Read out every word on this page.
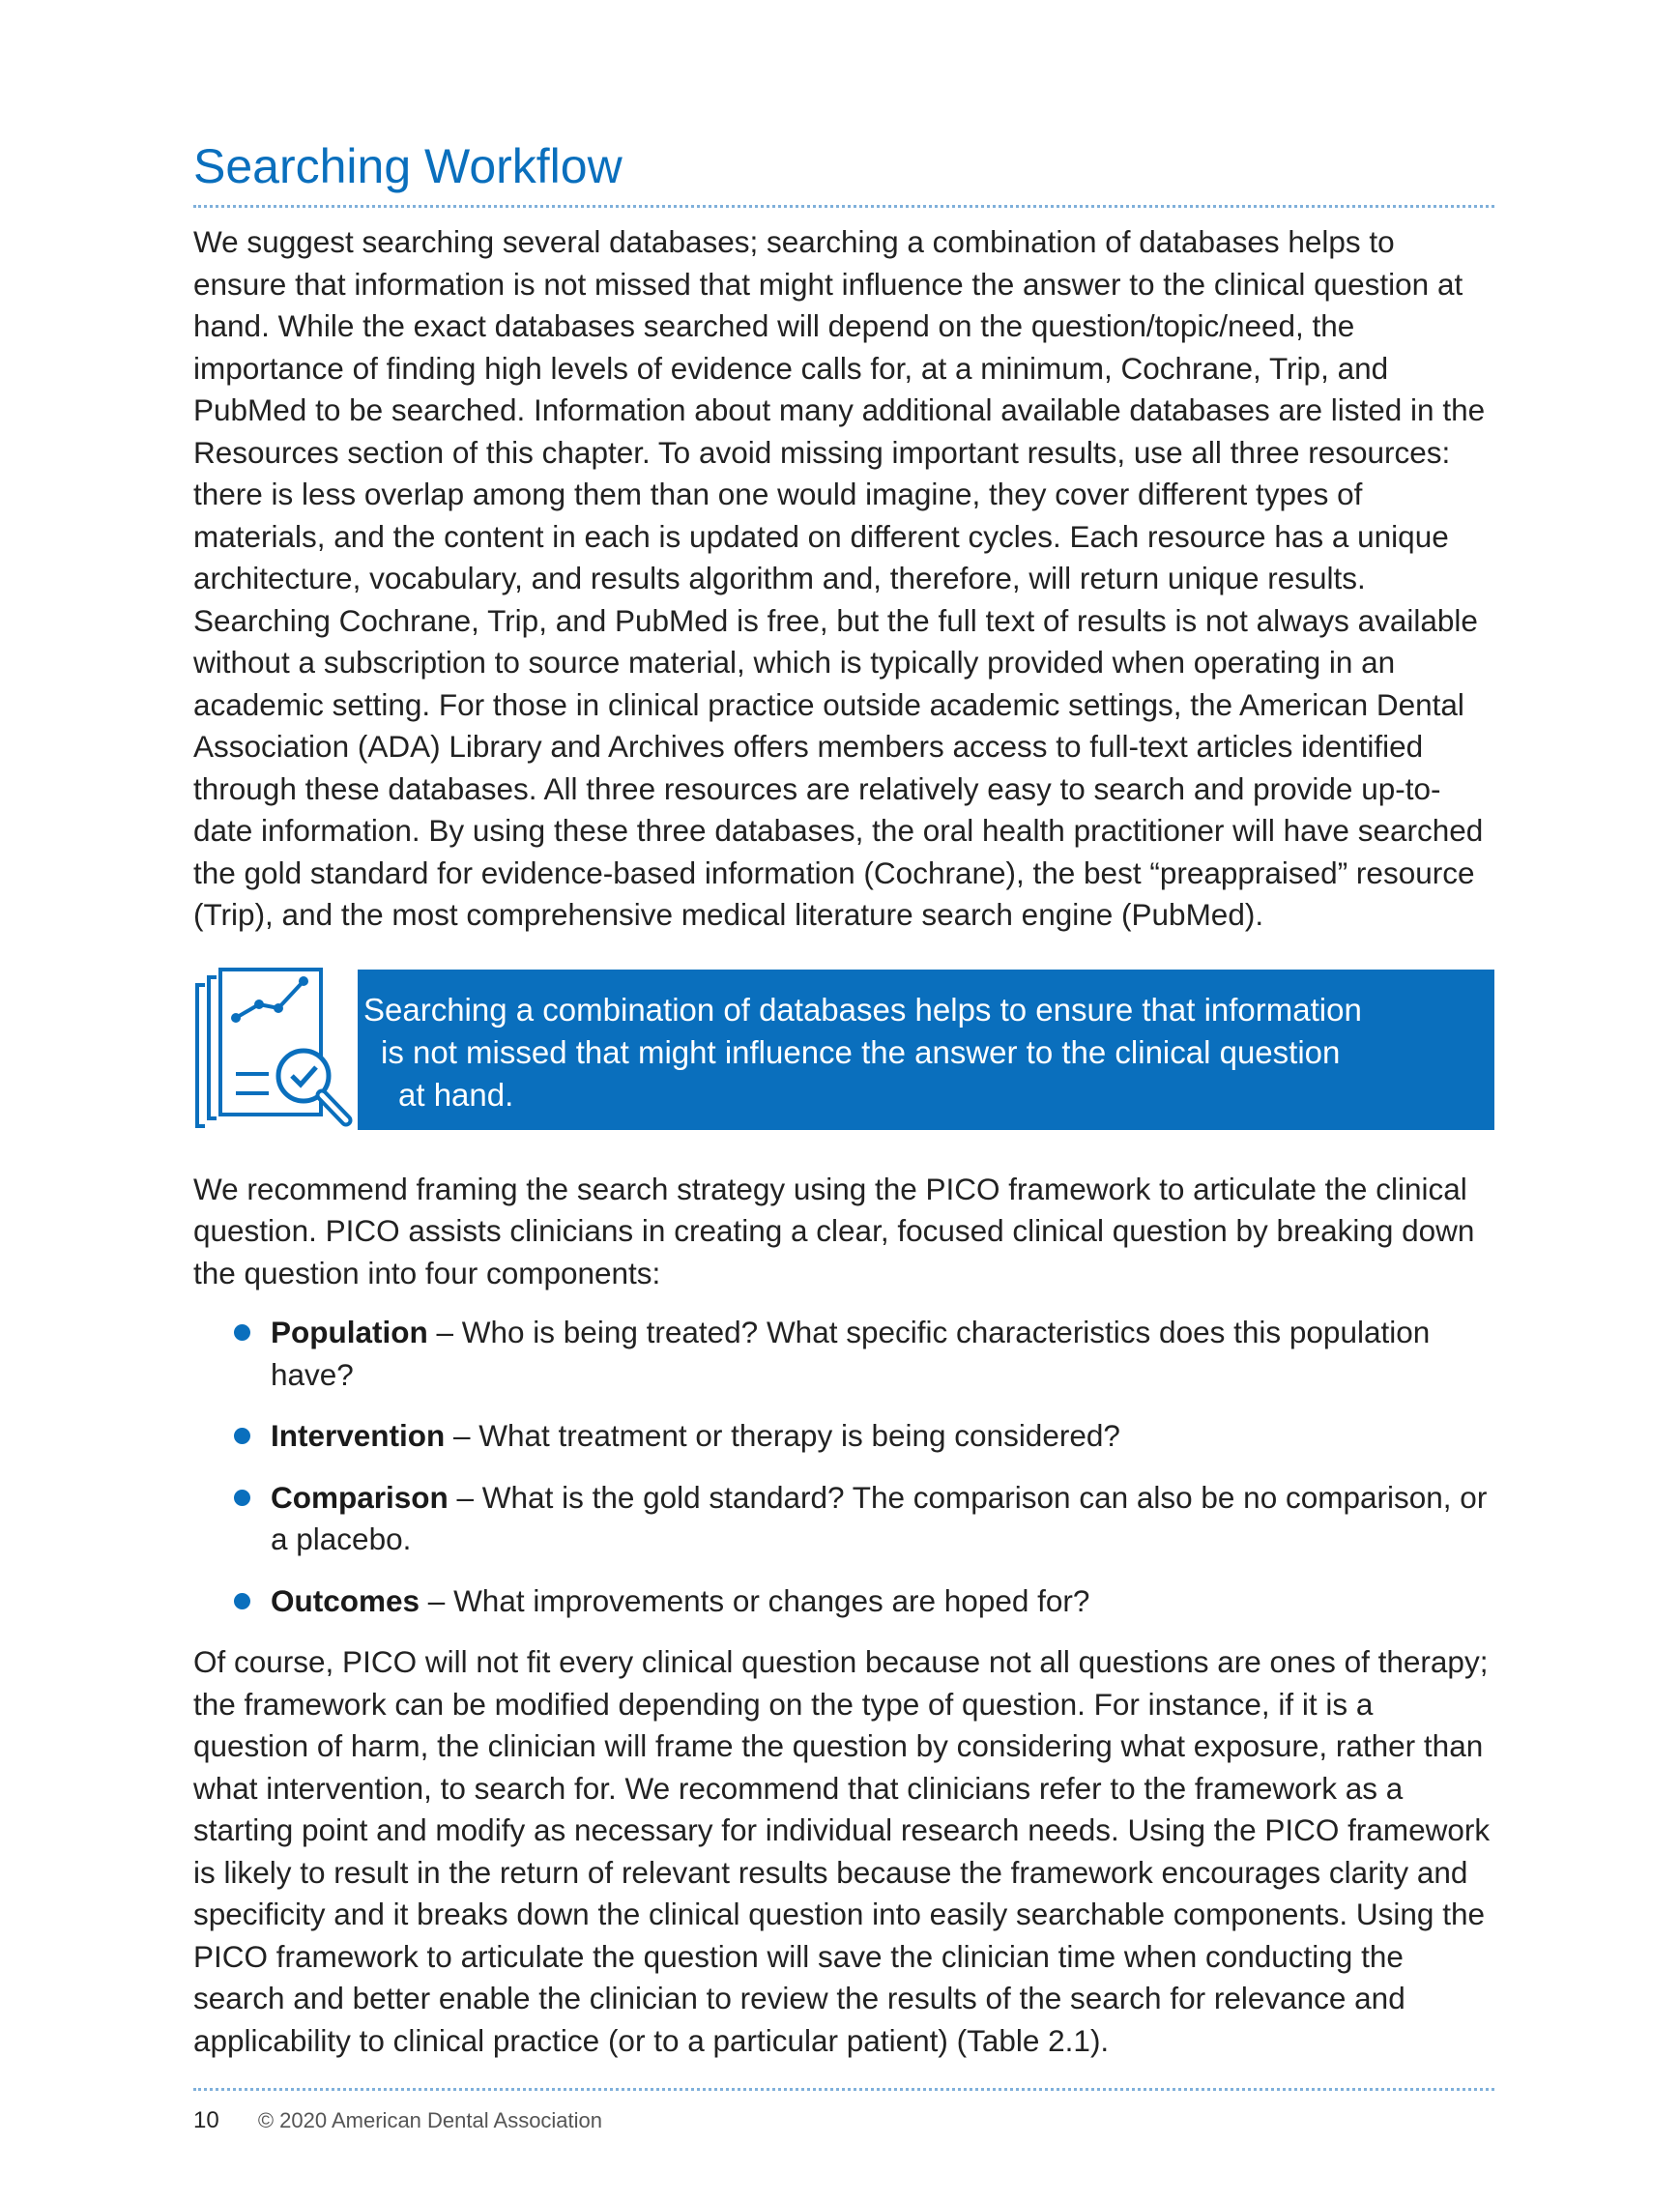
Searching Workflow

We suggest searching several databases; searching a combination of databases helps to ensure that information is not missed that might influence the answer to the clinical question at hand. While the exact databases searched will depend on the question/topic/need, the importance of finding high levels of evidence calls for, at a minimum, Cochrane, Trip, and PubMed to be searched. Information about many additional available databases are listed in the Resources section of this chapter. To avoid missing important results, use all three resources: there is less overlap among them than one would imagine, they cover different types of materials, and the content in each is updated on different cycles. Each resource has a unique architecture, vocabulary, and results algorithm and, therefore, will return unique results. Searching Cochrane, Trip, and PubMed is free, but the full text of results is not always available without a subscription to source material, which is typically provided when operating in an academic setting. For those in clinical practice outside academic settings, the American Dental Association (ADA) Library and Archives offers members access to full-text articles identified through these databases. All three resources are relatively easy to search and provide up-to-date information. By using these three databases, the oral health practitioner will have searched the gold standard for evidence-based information (Cochrane), the best “preappraised” resource (Trip), and the most comprehensive medical literature search engine (PubMed).

Searching a combination of databases helps to ensure that information
is not missed that might influence the answer to the clinical question
at hand.

We recommend framing the search strategy using the PICO framework to articulate the clinical question. PICO assists clinicians in creating a clear, focused clinical question by breaking down the question into four components:

Population – Who is being treated? What specific characteristics does this population have?
Intervention – What treatment or therapy is being considered?
Comparison – What is the gold standard? The comparison can also be no comparison, or a placebo.
Outcomes – What improvements or changes are hoped for?

Of course, PICO will not fit every clinical question because not all questions are ones of therapy; the framework can be modified depending on the type of question. For instance, if it is a question of harm, the clinician will frame the question by considering what exposure, rather than what intervention, to search for. We recommend that clinicians refer to the framework as a starting point and modify as necessary for individual research needs. Using the PICO framework is likely to result in the return of relevant results because the framework encourages clarity and specificity and it breaks down the clinical question into easily searchable components. Using the PICO framework to articulate the question will save the clinician time when conducting the search and better enable the clinician to review the results of the search for relevance and applicability to clinical practice (or to a particular patient) (Table 2.1).

10 © 2020 American Dental Association
